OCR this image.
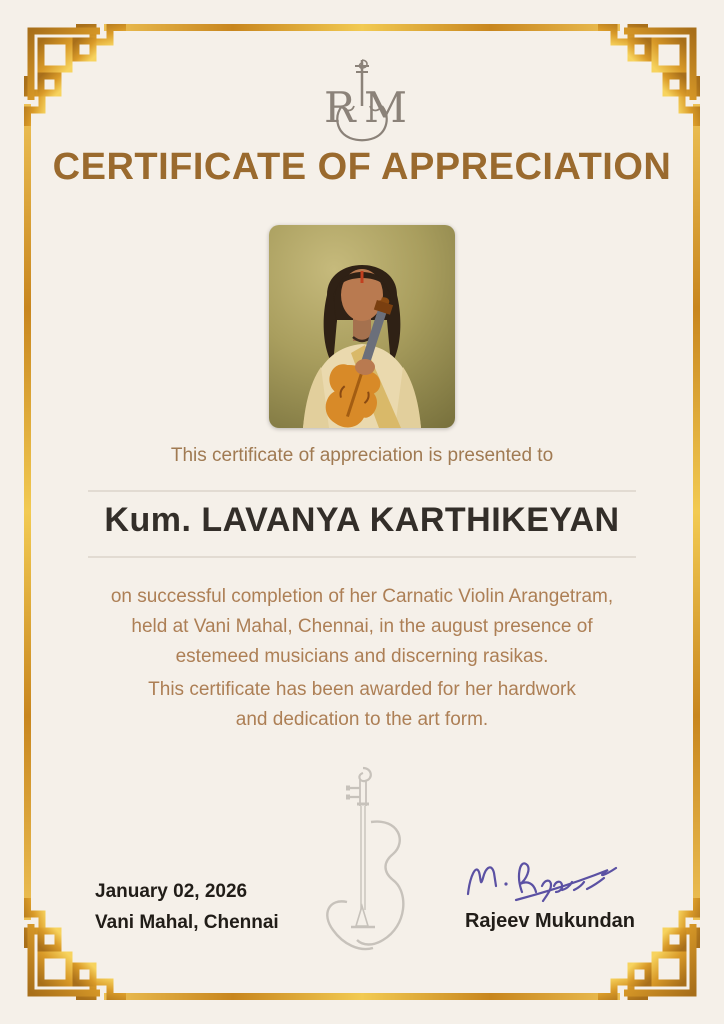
R M
CERTIFICATE OF APPRECIATION
This certificate of appreciation is presented to
Kum. LAVANYA KARTHIKEYAN
on successful completion of her Carnatic Violin Arangetram,
held at Vani Mahal, Chennai, in the august presence of
estemeed musicians and discerning rasikas.
This certificate has been awarded for her hardwork
and dedication to the art form.
January 02, 2026
Vani Mahal, Chennai	Rajeev Mukundan
